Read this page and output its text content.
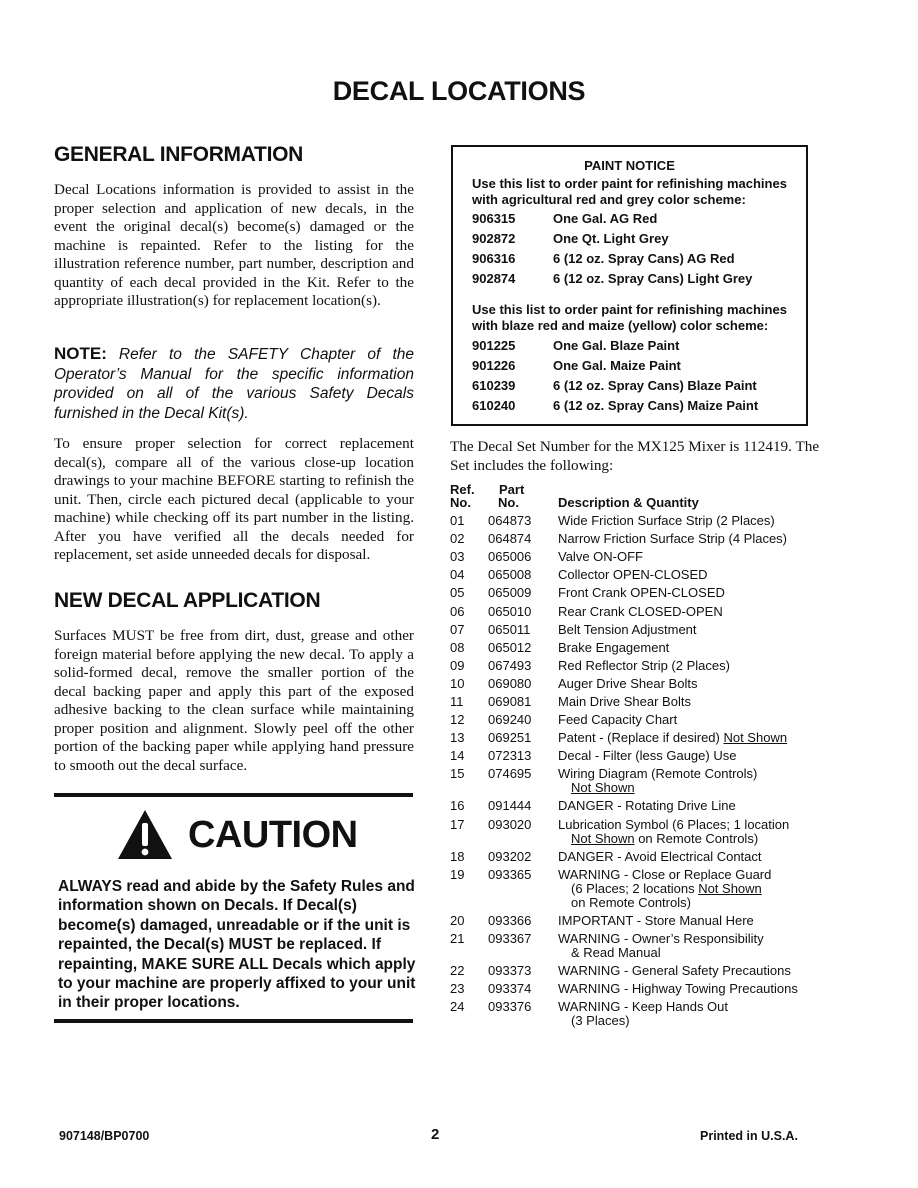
DECAL LOCATIONS
GENERAL INFORMATION
Decal Locations information is provided to assist in the proper selection and application of new decals, in the event the original decal(s) become(s) damaged or the machine is repainted. Refer to the listing for the illustration reference number, part number, description and quantity of each decal provided in the Kit. Refer to the appropriate illustration(s) for replacement location(s).
NOTE: Refer to the SAFETY Chapter of the Operator’s Manual for the specific information provided on all of the various Safety Decals furnished in the Decal Kit(s).
To ensure proper selection for correct replacement decal(s), compare all of the various close-up location drawings to your machine BEFORE starting to refinish the unit. Then, circle each pictured decal (applicable to your machine) while checking off its part number in the listing. After you have verified all the decals needed for replacement, set aside unneeded decals for disposal.
NEW DECAL APPLICATION
Surfaces MUST be free from dirt, dust, grease and other foreign material before applying the new decal. To apply a solid-formed decal, remove the smaller portion of the decal backing paper and apply this part of the exposed adhesive backing to the clean surface while maintaining proper position and alignment. Slowly peel off the other portion of the backing paper while applying hand pressure to smooth out the decal surface.
CAUTION
ALWAYS read and abide by the Safety Rules and information shown on Decals. If Decal(s) become(s) damaged, unreadable or if the unit is repainted, the Decal(s) MUST be replaced. If repainting, MAKE SURE ALL Decals which apply to your machine are properly affixed to your unit in their proper locations.
PAINT NOTICE
Use this list to order paint for refinishing machines with agricultural red and grey color scheme:
906315	One Gal. AG Red
902872	One Qt. Light Grey
906316	6 (12 oz. Spray Cans) AG Red
902874	6 (12 oz. Spray Cans) Light Grey
Use this list to order paint for refinishing machines with blaze red and maize (yellow) color scheme:
901225	One Gal. Blaze Paint
901226	One Gal. Maize Paint
610239	6 (12 oz. Spray Cans) Blaze Paint
610240	6 (12 oz. Spray Cans) Maize Paint
The Decal Set Number for the MX125 Mixer is 112419. The Set includes the following:
Ref.
No.
Part
No.	Description & Quantity
01 064873 Wide Friction Surface Strip (2 Places)
02 064874 Narrow Friction Surface Strip (4 Places)
03 065006 Valve ON-OFF
04 065008 Collector OPEN-CLOSED
05 065009 Front Crank OPEN-CLOSED
06 065010 Rear Crank CLOSED-OPEN
07 065011 Belt Tension Adjustment
08 065012 Brake Engagement
09 067493 Red Reflector Strip (2 Places)
10 069080 Auger Drive Shear Bolts
11 069081 Main Drive Shear Bolts
12 069240 Feed Capacity Chart
13 069251 Patent - (Replace if desired) Not Shown
14 072313 Decal - Filter (less Gauge) Use
15 074695 Wiring Diagram (Remote Controls)
Not Shown
16 091444 DANGER - Rotating Drive Line
17 093020 Lubrication Symbol (6 Places; 1 location
Not Shown on Remote Controls)
18 093202 DANGER - Avoid Electrical Contact
19 093365 WARNING - Close or Replace Guard
(6 Places; 2 locations Not Shown
on Remote Controls)
20 093366 IMPORTANT - Store Manual Here
21 093367 WARNING - Owner’s Responsibility
& Read Manual
22 093373 WARNING - General Safety Precautions
23 093374 WARNING - Highway Towing Precautions
24 093376 WARNING - Keep Hands Out
(3 Places)
907148/BP0700	2	Printed in U.S.A.
